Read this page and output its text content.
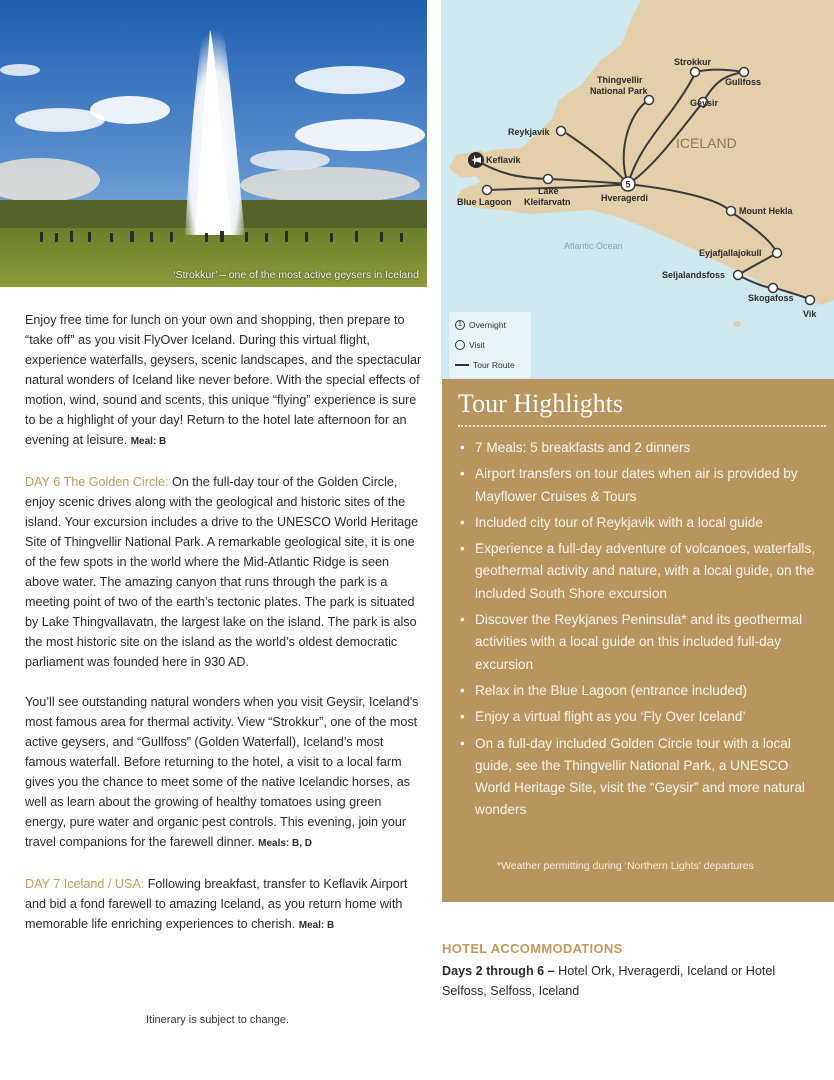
‘Strokkur’ – one of the most active geysers in Iceland
5
Strokkur
Gullfoss
Thingvellir
National Park
Geysir
Reykjavik
Keflavik
ICELAND
Blue Lagoon
Lake
Kleifarvatn	Hveragerdi
Mount Hekla
Atlantic Ocean
Eyjafjallajokull
Seljalandsfoss
Skogafoss
Vik
1 Overnight
Visit
Tour Route

Enjoy free time for lunch on your own and shopping, then prepare to “take off” as you visit FlyOver Iceland. During this virtual flight, experience waterfalls, geysers, scenic landscapes, and the spectacular natural wonders of Iceland like never before. With the special effects of motion, wind, sound and scents, this unique “flying” experience is sure to be a highlight of your day! Return to the hotel late afternoon for an evening at leisure. Meal: B

DAY 6 The Golden Circle: On the full-day tour of the Golden Circle, enjoy scenic drives along with the geological and historic sites of the island. Your excursion includes a drive to the UNESCO World Heritage Site of Thingvellir National Park. A remarkable geological site, it is one of the few spots in the world where the Mid-Atlantic Ridge is seen above water. The amazing canyon that runs through the park is a meeting point of two of the earth’s tectonic plates. The park is situated by Lake Thingvallavatn, the largest lake on the island. The park is also the most historic site on the island as the world’s oldest democratic parliament was founded here in 930 AD.

You’ll see outstanding natural wonders when you visit Geysir, Iceland’s most famous area for thermal activity. View “Strokkur”, one of the most active geysers, and “Gullfoss” (Golden Waterfall), Iceland’s most famous waterfall. Before returning to the hotel, a visit to a local farm gives you the chance to meet some of the native Icelandic horses, as well as learn about the growing of healthy tomatoes using green energy, pure water and organic pest controls. This evening, join your travel companions for the farewell dinner. Meals: B, D

DAY 7 Iceland / USA: Following breakfast, transfer to Keflavik Airport and bid a fond farewell to amazing Iceland, as you return home with memorable life enriching experiences to cherish. Meal: B

Itinerary is subject to change.
Tour Highlights
• 7 Meals: 5 breakfasts and 2 dinners
• Airport transfers on tour dates when air is provided by Mayflower Cruises & Tours
• Included city tour of Reykjavik with a local guide
• Experience a full-day adventure of volcanoes, waterfalls, geothermal activity and nature, with a local guide, on the included South Shore excursion
• Discover the Reykjanes Peninsula* and its geothermal activities with a local guide on this included full-day excursion
• Relax in the Blue Lagoon (entrance included)
• Enjoy a virtual flight as you ‘Fly Over Iceland’
• On a full-day included Golden Circle tour with a local guide, see the Thingvellir National Park, a UNESCO World Heritage Site, visit the “Geysir” and more natural wonders
*Weather permitting during ‘Northern Lights’ departures
HOTEL ACCOMMODATIONS
Days 2 through 6 – Hotel Ork, Hveragerdi, Iceland or Hotel Selfoss, Selfoss, Iceland
